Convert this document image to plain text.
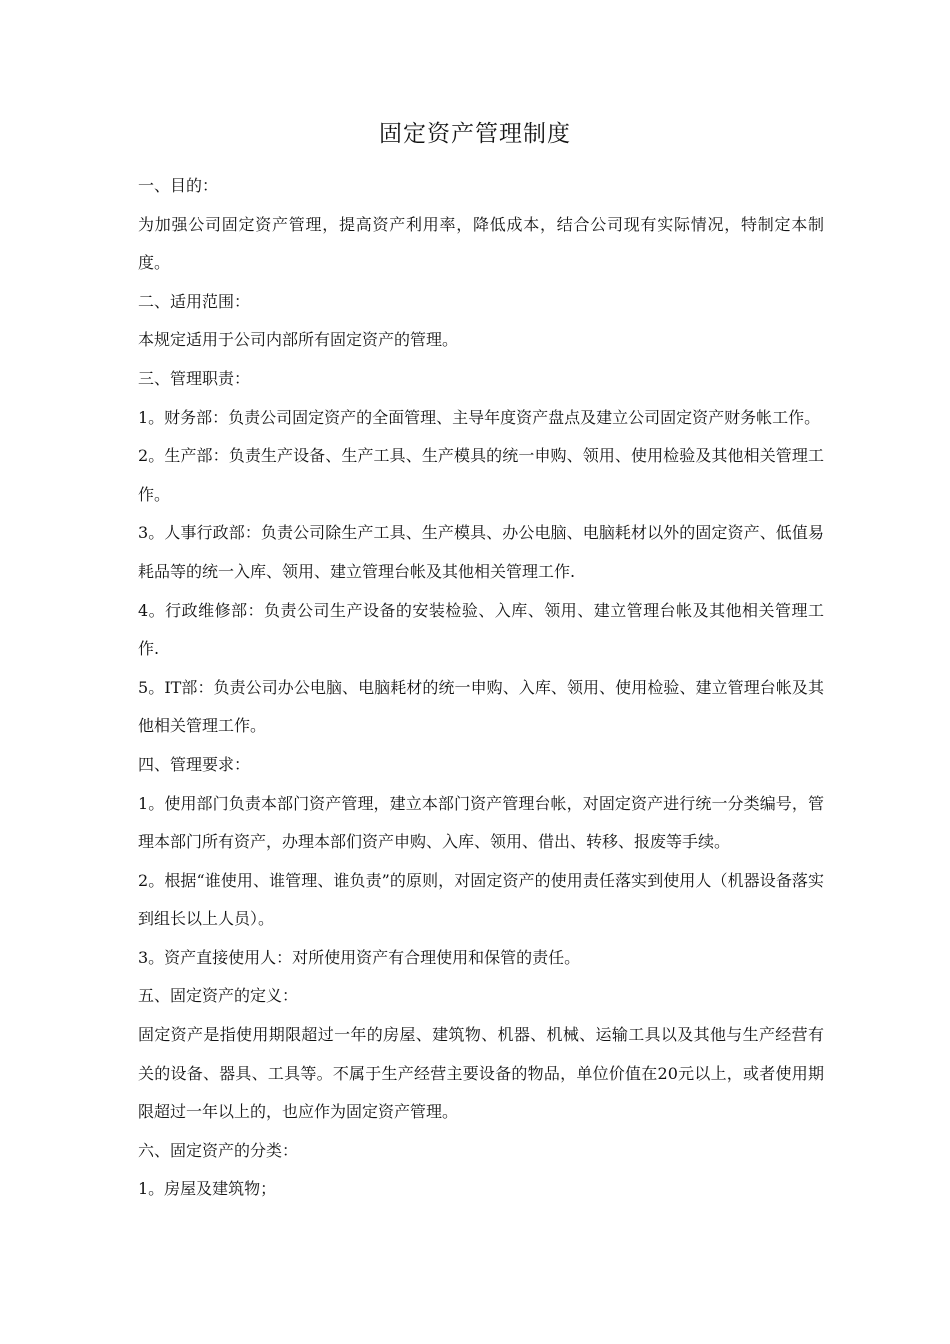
固定资产管理制度

一、目的：

为加强公司固定资产管理，提高资产利用率，降低成本，结合公司现有实际情况，特制定本制度。

二、适用范围：

本规定适用于公司内部所有固定资产的管理。

三、管理职责：

1。财务部：负责公司固定资产的全面管理、主导年度资产盘点及建立公司固定资产财务帐工作。

2。生产部：负责生产设备、生产工具、生产模具的统一申购、领用、使用检验及其他相关管理工作。

3。人事行政部：负责公司除生产工具、生产模具、办公电脑、电脑耗材以外的固定资产、低值易耗品等的统一入库、领用、建立管理台帐及其他相关管理工作.

4。行政维修部：负责公司生产设备的安装检验、入库、领用、建立管理台帐及其他相关管理工作.

5。IT部：负责公司办公电脑、电脑耗材的统一申购、入库、领用、使用检验、建立管理台帐及其他相关管理工作。

四、管理要求：

1。使用部门负责本部门资产管理，建立本部门资产管理台帐，对固定资产进行统一分类编号，管理本部门所有资产，办理本部们资产申购、入库、领用、借出、转移、报废等手续。

2。根据“谁使用、谁管理、谁负责”的原则，对固定资产的使用责任落实到使用人（机器设备落实到组长以上人员）。

3。资产直接使用人：对所使用资产有合理使用和保管的责任。

五、固定资产的定义：

固定资产是指使用期限超过一年的房屋、建筑物、机器、机械、运输工具以及其他与生产经营有关的设备、器具、工具等。不属于生产经营主要设备的物品，单位价值在20元以上，或者使用期限超过一年以上的，也应作为固定资产管理。

六、固定资产的分类：

1。房屋及建筑物；
